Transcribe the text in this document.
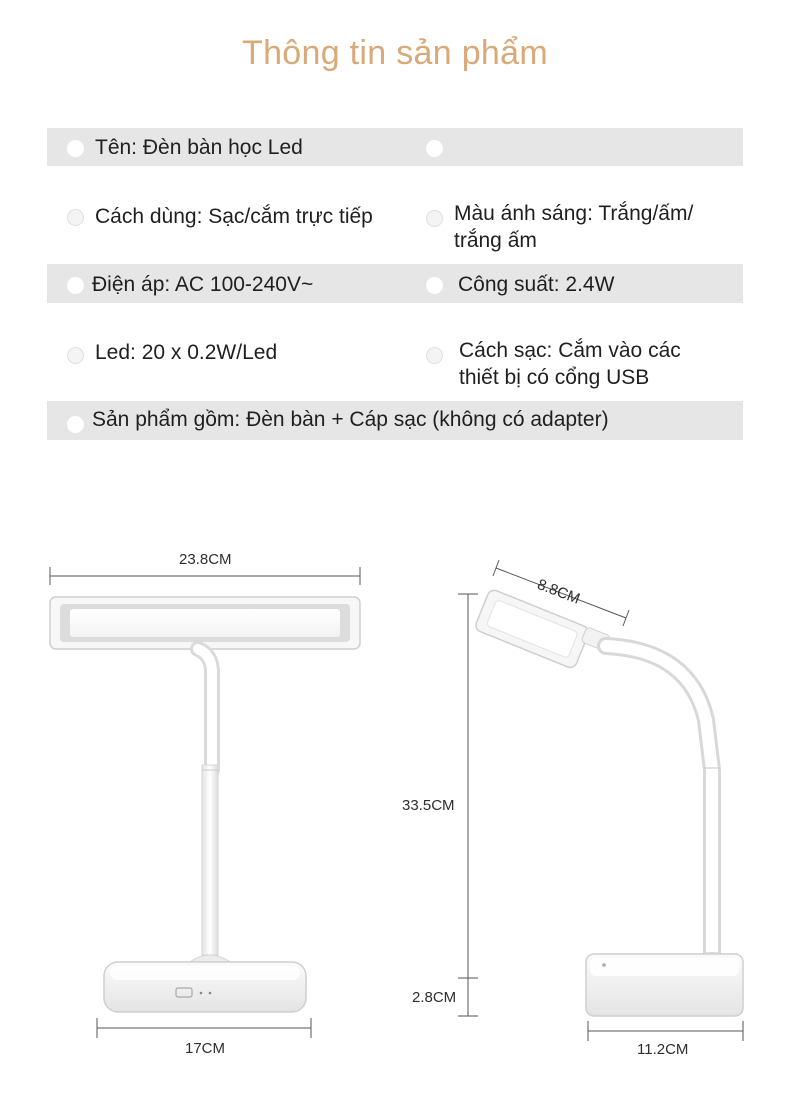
Thông tin sản phẩm
Tên: Đèn bàn học Led
Cách dùng: Sạc/cắm trực tiếp	Màu ánh sáng: Trắng/ấm/
trắng ấm
Điện áp: AC 100-240V~	Công suất: 2.4W
Led: 20 x 0.2W/Led	Cách sạc: Cắm vào các
thiết bị có cổng USB
Sản phẩm gồm: Đèn bàn + Cáp sạc (không có adapter)
23.8CM
8.8CM
33.5CM
2.8CM
17CM	11.2CM
